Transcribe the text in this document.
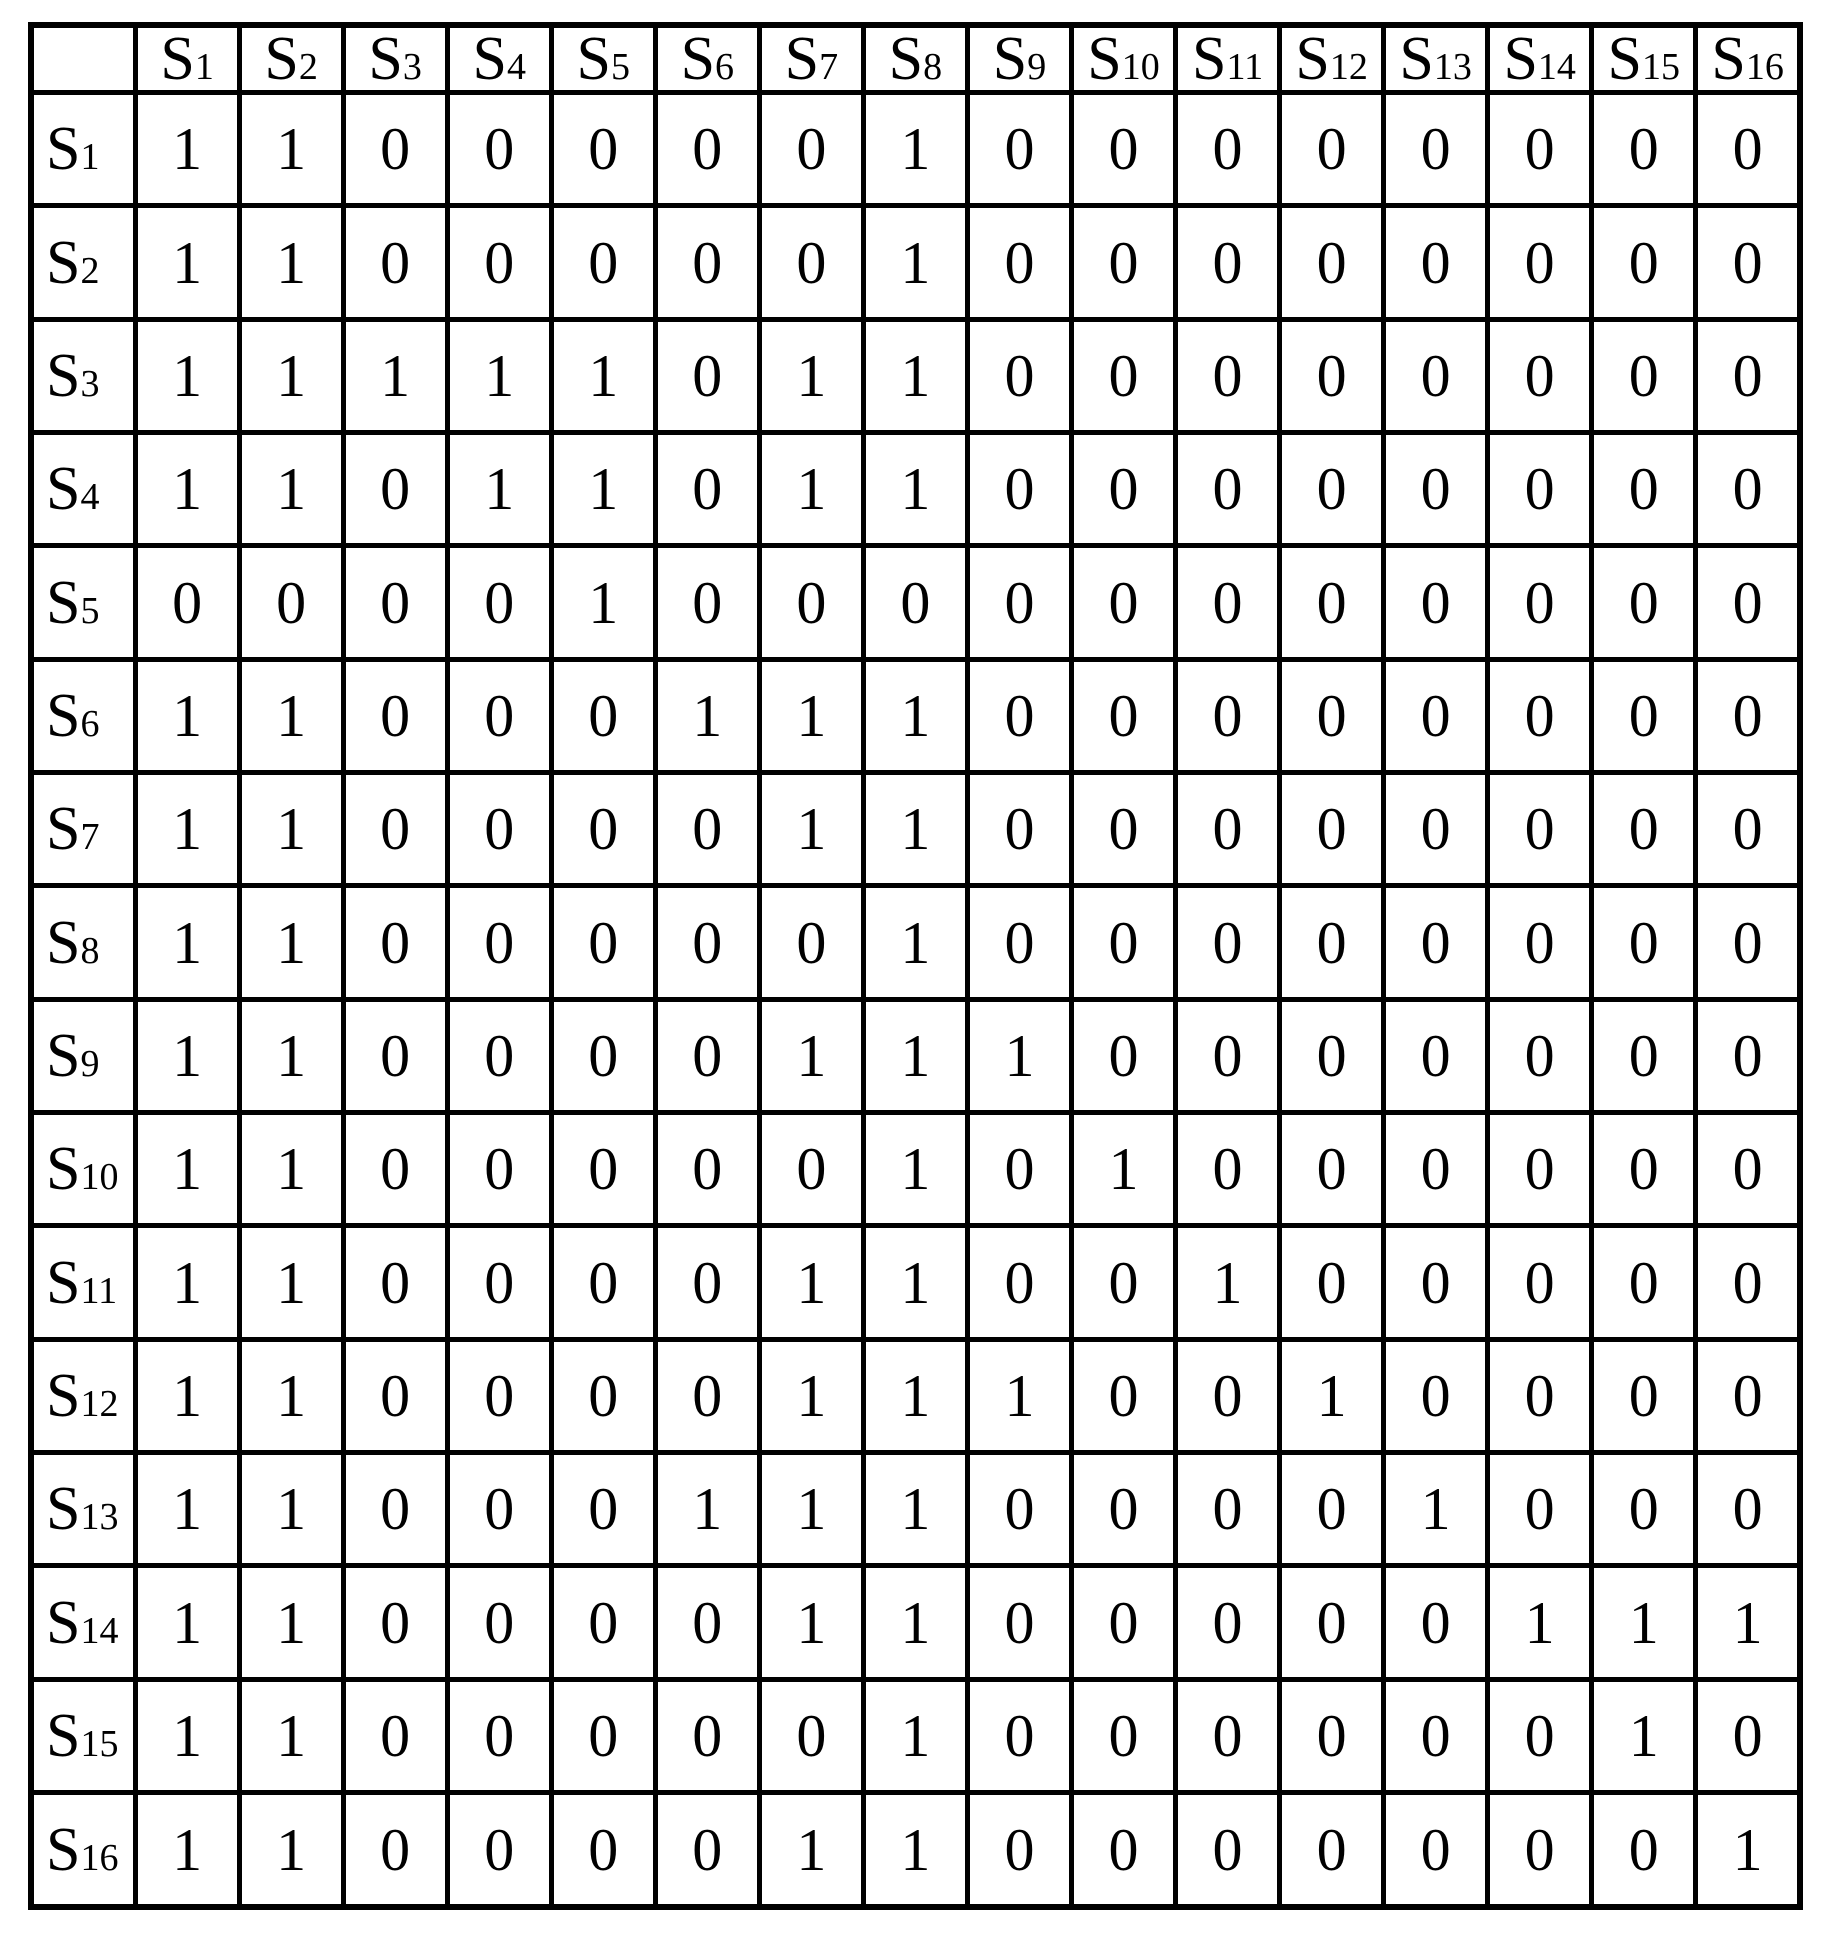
	S1	S2	S3	S4	S5	S6	S7	S8	S9	S10	S11	S12	S13	S14	S15	S16
S1	1	1	0	0	0	0	0	1	0	0	0	0	0	0	0	0
S2	1	1	0	0	0	0	0	1	0	0	0	0	0	0	0	0
S3	1	1	1	1	1	0	1	1	0	0	0	0	0	0	0	0
S4	1	1	0	1	1	0	1	1	0	0	0	0	0	0	0	0
S5	0	0	0	0	1	0	0	0	0	0	0	0	0	0	0	0
S6	1	1	0	0	0	1	1	1	0	0	0	0	0	0	0	0
S7	1	1	0	0	0	0	1	1	0	0	0	0	0	0	0	0
S8	1	1	0	0	0	0	0	1	0	0	0	0	0	0	0	0
S9	1	1	0	0	0	0	1	1	1	0	0	0	0	0	0	0
S10	1	1	0	0	0	0	0	1	0	1	0	0	0	0	0	0
S11	1	1	0	0	0	0	1	1	0	0	1	0	0	0	0	0
S12	1	1	0	0	0	0	1	1	1	0	0	1	0	0	0	0
S13	1	1	0	0	0	1	1	1	0	0	0	0	1	0	0	0
S14	1	1	0	0	0	0	1	1	0	0	0	0	0	1	1	1
S15	1	1	0	0	0	0	0	1	0	0	0	0	0	0	1	0
S16	1	1	0	0	0	0	1	1	0	0	0	0	0	0	0	1
